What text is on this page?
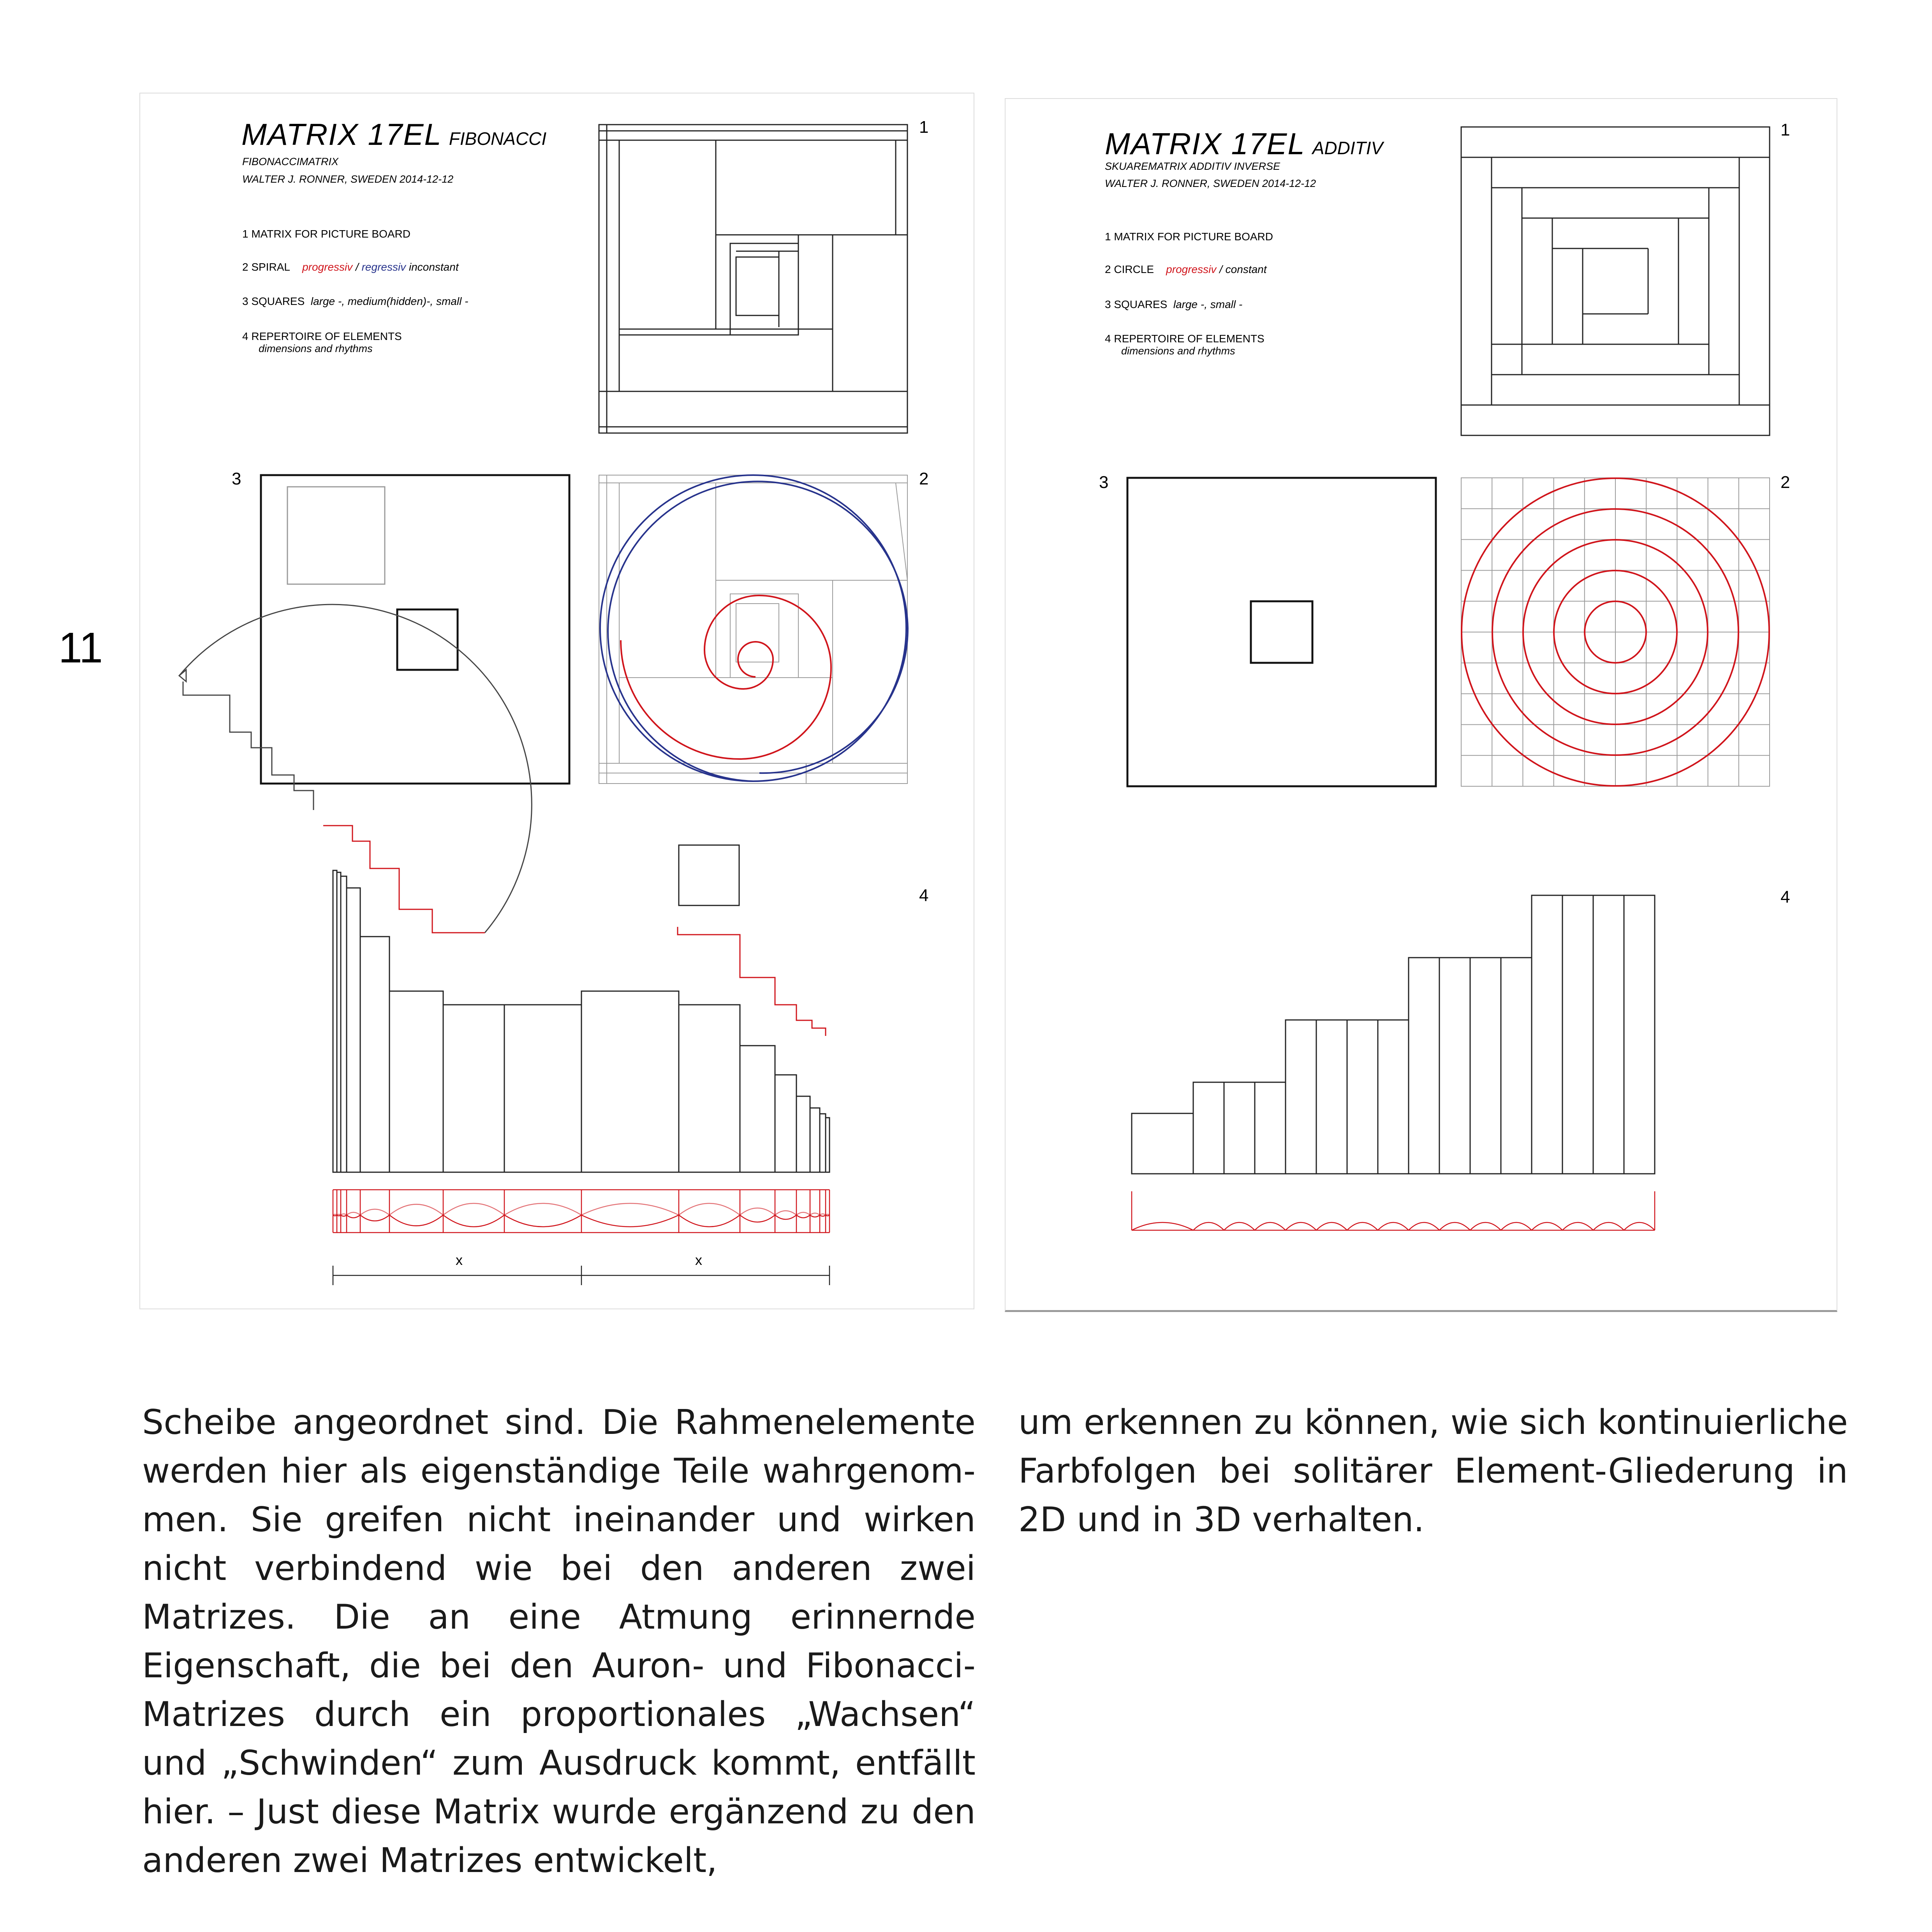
11
MATRIX 17EL FIBONACCI
FIBONACCIMATRIX
WALTER J. RONNER, SWEDEN 2014-12-12
1 MATRIX FOR PICTURE BOARD
2 SPIRAL progressiv / regressiv inconstant
3 SQUARES large -, medium(hidden)-, small -
4 REPERTOIRE OF ELEMENTS
dimensions and rhythms
1
2
3
4
x	x
MATRIX 17EL ADDITIV
SKUAREMATRIX ADDITIV INVERSE
WALTER J. RONNER, SWEDEN 2014-12-12
1 MATRIX FOR PICTURE BOARD
2 CIRCLE progressiv / constant
3 SQUARES large -, small -
4 REPERTOIRE OF ELEMENTS
dimensions and rhythms
1
2
3
4
Scheibe angeordnet sind. Die Rahmenelemente werden hier als eigenständige Teile wahrgenommen. Sie greifen nicht ineinander und wirken nicht verbindend wie bei den anderen zwei Matrizes. Die an eine Atmung erinnernde Eigenschaft, die bei den Auron- und Fibonacci-Matrizes durch ein proportionales „Wachsen“ und „Schwinden“ zum Ausdruck kommt, entfällt hier. – Just diese Matrix wurde ergänzend zu den anderen zwei Matrizes entwickelt,
um erkennen zu können, wie sich kontinuierliche Farbfolgen bei solitärer Element-Gliederung in 2D und in 3D verhalten.
